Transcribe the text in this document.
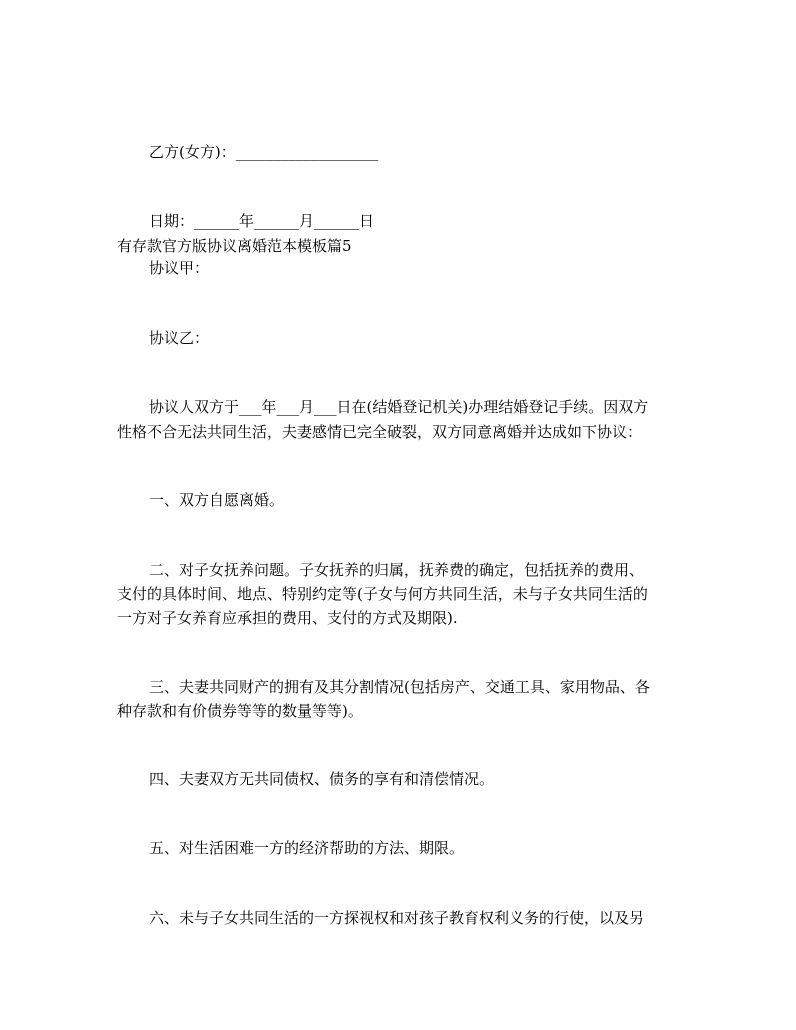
乙方(女方)：___________________
日期：______年______月______日
有存款官方版协议离婚范本模板篇5
协议甲：
协议乙：
协议人双方于___年___月___日在(结婚登记机关)办理结婚登记手续。因双方
性格不合无法共同生活，夫妻感情已完全破裂，双方同意离婚并达成如下协议：
一、双方自愿离婚。
二、对子女抚养问题。子女抚养的归属，抚养费的确定，包括抚养的费用、
支付的具体时间、地点、特别约定等(子女与何方共同生活，未与子女共同生活的
一方对子女养育应承担的费用、支付的方式及期限).
三、夫妻共同财产的拥有及其分割情况(包括房产、交通工具、家用物品、各
种存款和有价债券等等的数量等等)。
四、夫妻双方无共同债权、债务的享有和清偿情况。
五、对生活困难一方的经济帮助的方法、期限。
六、未与子女共同生活的一方探视权和对孩子教育权利义务的行使，以及另
